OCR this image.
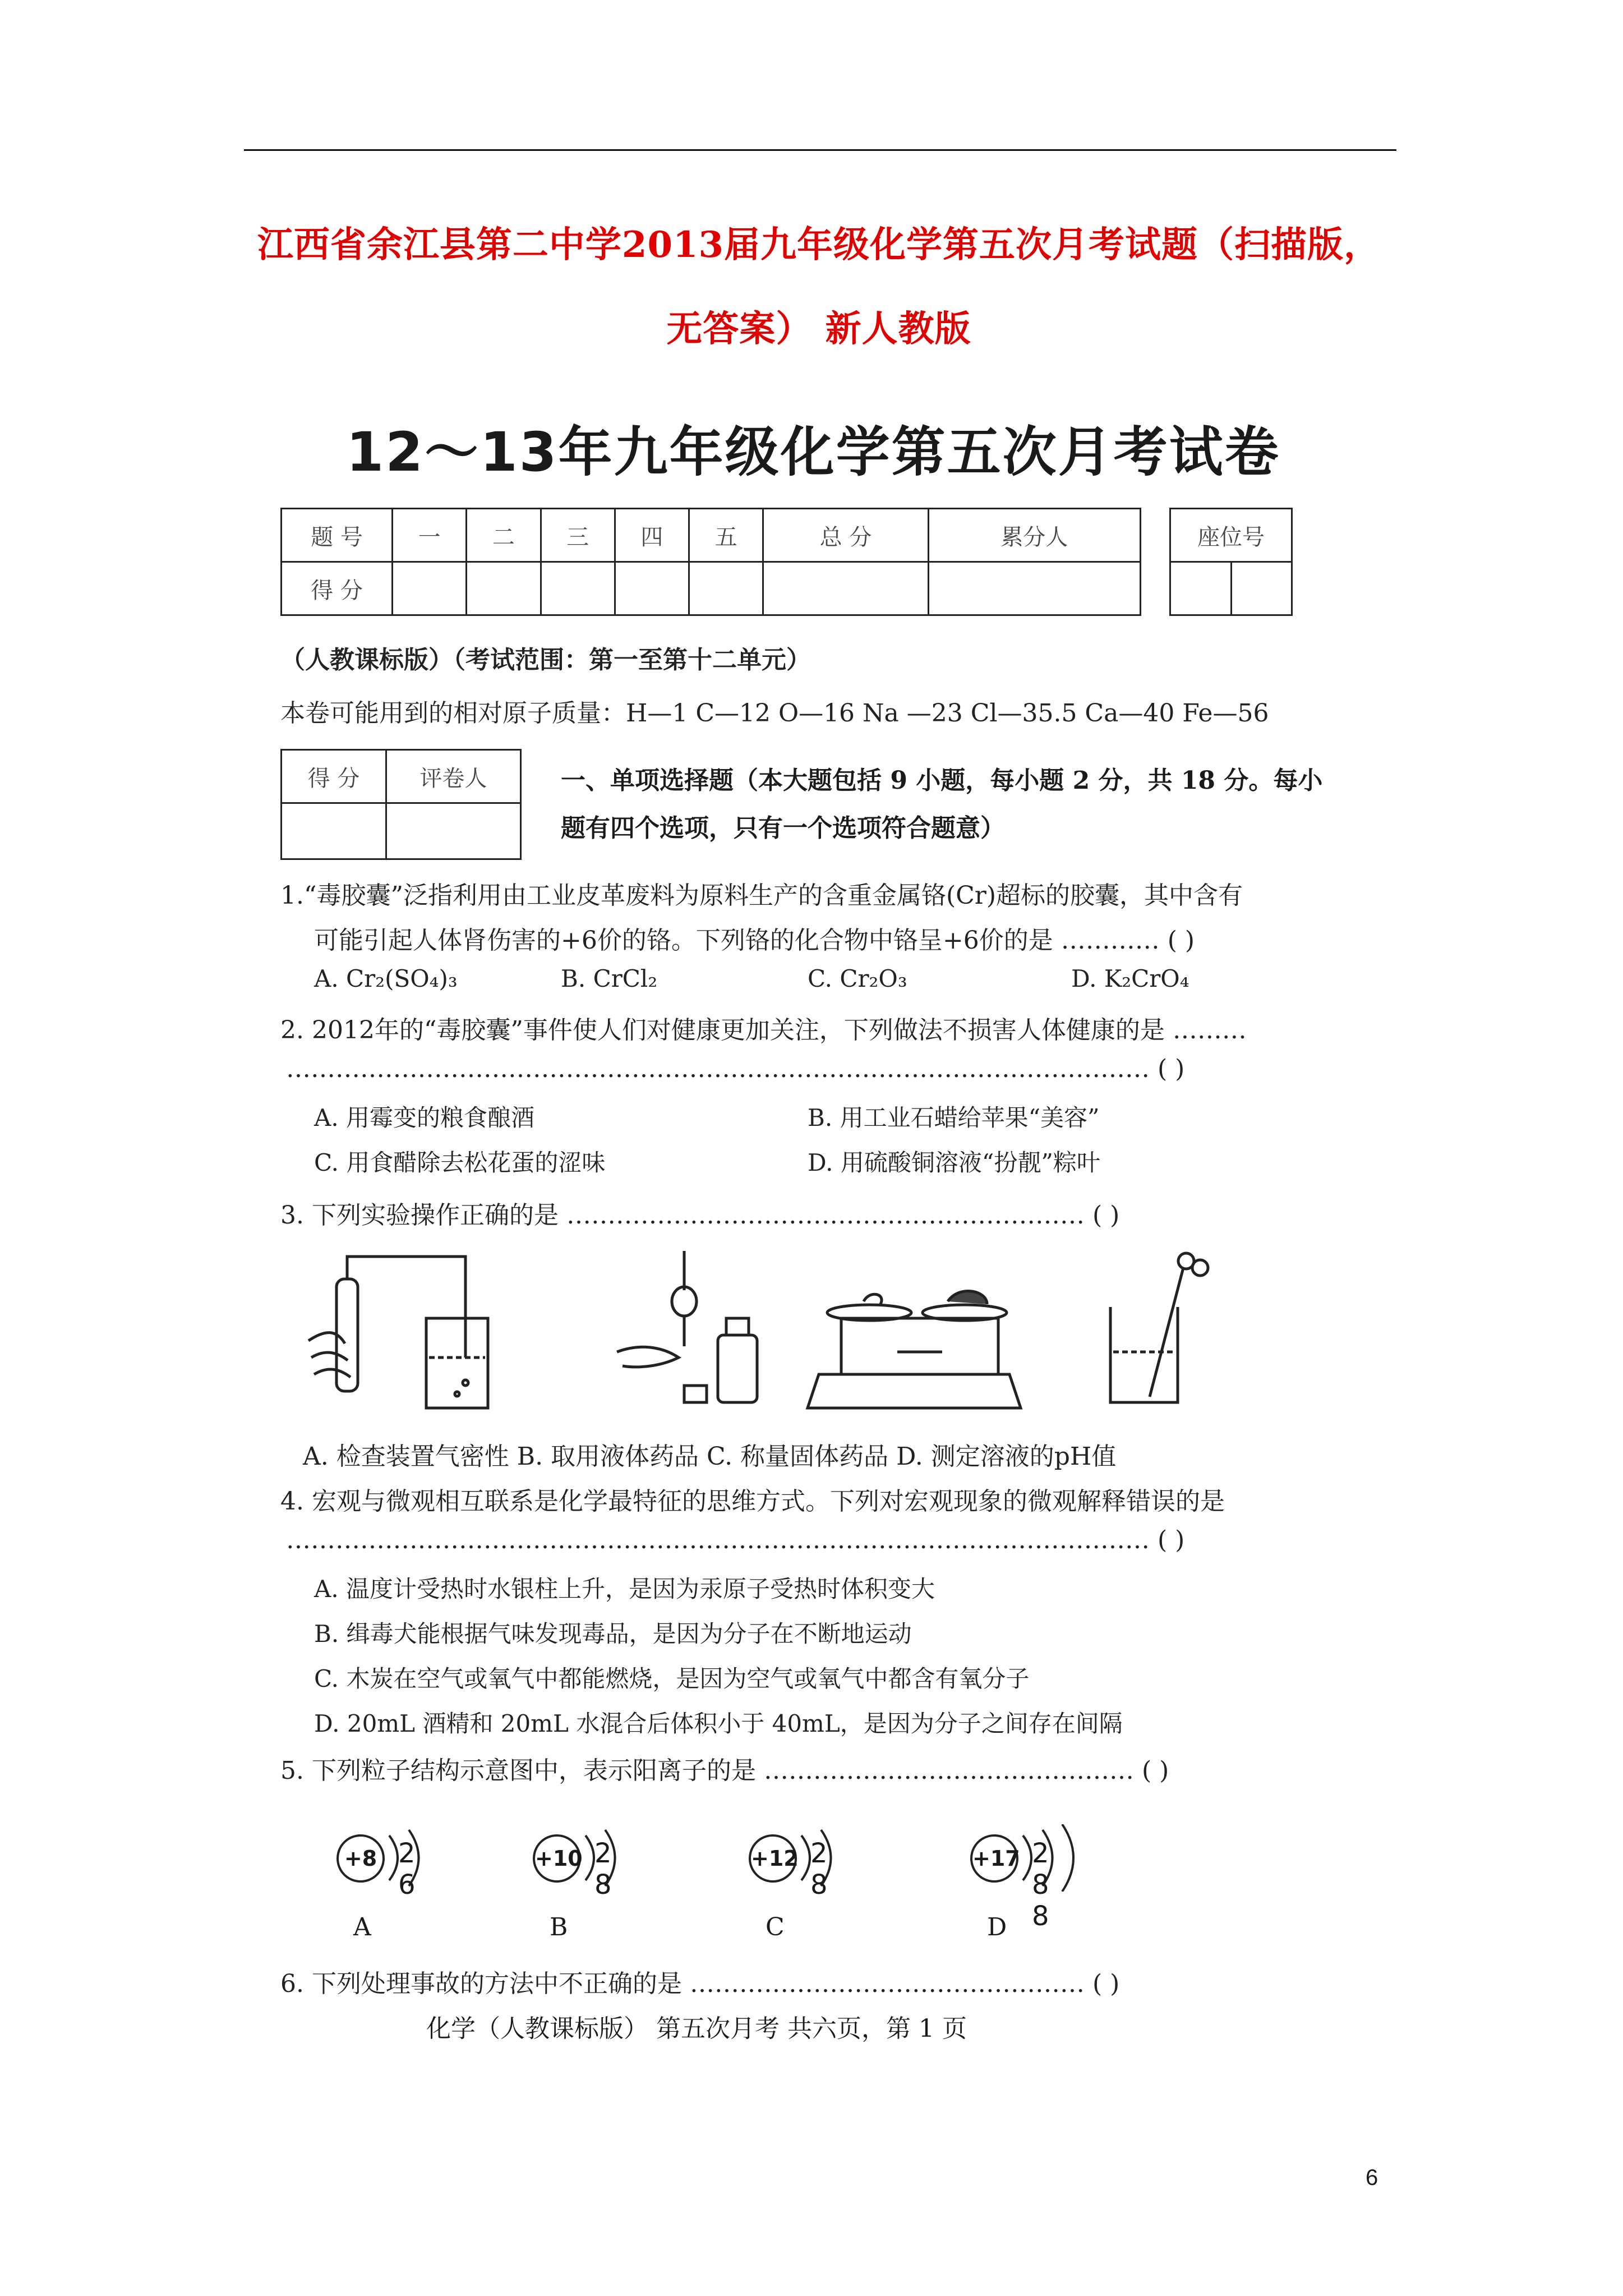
江西省余江县第二中学2013届九年级化学第五次月考试题（扫描版，
无答案） 新人教版
12～13年九年级化学第五次月考试卷
题 号	一	二	三	四	五	总 分	累分人
得 分							
座位号

（人教课标版）（考试范围：第一至第十二单元）
本卷可能用到的相对原子质量：H—1 C—12 O—16 Na —23 Cl—35.5 Ca—40 Fe—56
得 分	评卷人
		一、单项选择题（本大题包括 9 小题，每小题 2 分，共 18 分。每小
题有四个选项，只有一个选项符合题意）
1.“毒胶囊”泛指利用由工业皮革废料为原料生产的含重金属铬(Cr)超标的胶囊，其中含有
可能引起人体肾伤害的+6价的铬。下列铬的化合物中铬呈+6价的是 ………… ( )
A. Cr₂(SO₄)₃	B. CrCl₂	C. Cr₂O₃	D. K₂CrO₄
2. 2012年的“毒胶囊”事件使人们对健康更加关注，下列做法不损害人体健康的是 ………
…………………………………………………………………………………………… ( )
A. 用霉变的粮食酿酒	B. 用工业石蜡给苹果“美容”
C. 用食醋除去松花蛋的涩味	D. 用硫酸铜溶液“扮靓”粽叶
3. 下列实验操作正确的是 ……………………………………………………… ( )
A. 检查装置气密性 B. 取用液体药品 C. 称量固体药品 D. 测定溶液的pH值
4. 宏观与微观相互联系是化学最特征的思维方式。下列对宏观现象的微观解释错误的是
…………………………………………………………………………………………… ( )
A. 温度计受热时水银柱上升，是因为汞原子受热时体积变大
B. 缉毒犬能根据气味发现毒品，是因为分子在不断地运动
C. 木炭在空气或氧气中都能燃烧，是因为空气或氧气中都含有氧分子
D. 20mL 酒精和 20mL 水混合后体积小于 40mL，是因为分子之间存在间隔
5. 下列粒子结构示意图中，表示阳离子的是 ……………………………………… ( )
+8 2 6
A
+10 2 8
B
+12 2 8
C
+17 2 8 8
D
6. 下列处理事故的方法中不正确的是 ………………………………………… ( )
化学（人教课标版） 第五次月考 共六页，第 1 页
6
